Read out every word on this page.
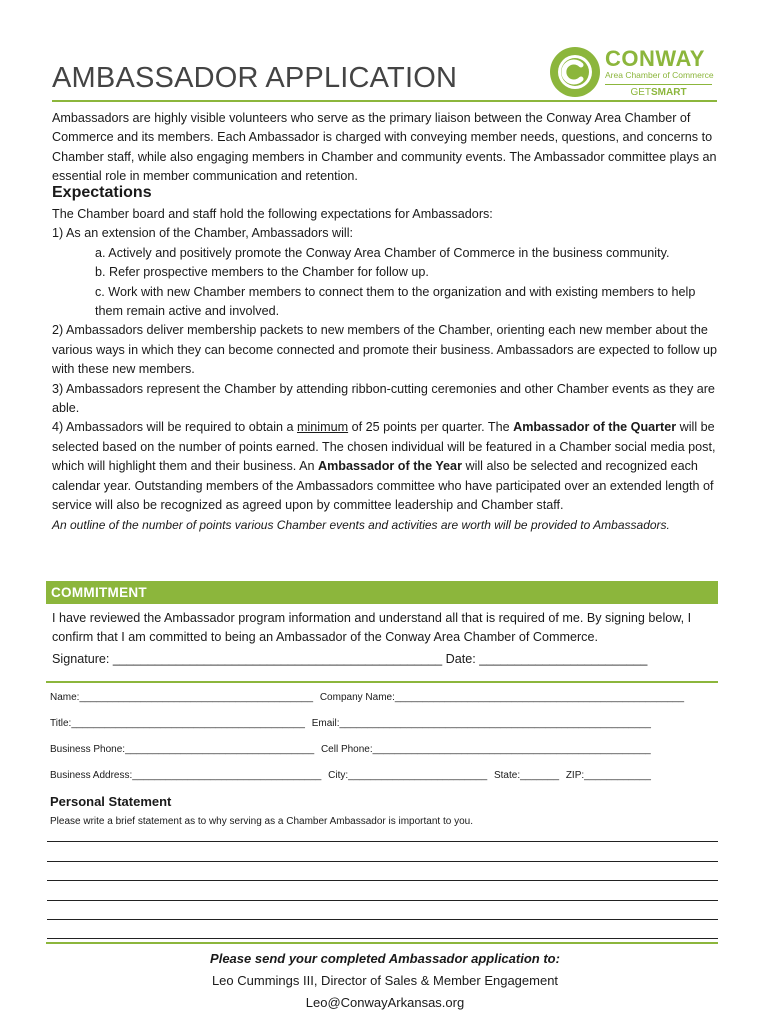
AMBASSADOR APPLICATION
CONWAY
Area Chamber of Commerce
GETSMART
Ambassadors are highly visible volunteers who serve as the primary liaison between the Conway Area Chamber of Commerce and its members. Each Ambassador is charged with conveying member needs, questions, and concerns to Chamber staff, while also engaging members in Chamber and community events. The Ambassador committee plays an essential role in member communication and retention.
Expectations

The Chamber board and staff hold the following expectations for Ambassadors:

1) As an extension of the Chamber, Ambassadors will:

a. Actively and positively promote the Conway Area Chamber of Commerce in the business community.

b. Refer prospective members to the Chamber for follow up.

c. Work with new Chamber members to connect them to the organization and with existing members to help them remain active and involved.

2) Ambassadors deliver membership packets to new members of the Chamber, orienting each new member about the various ways in which they can become connected and promote their business. Ambassadors are expected to follow up with these new members.

3) Ambassadors represent the Chamber by attending ribbon-cutting ceremonies and other Chamber events as they are able.

4) Ambassadors will be required to obtain a minimum of 25 points per quarter. The Ambassador of the Quarter will be selected based on the number of points earned. The chosen individual will be featured in a Chamber social media post, which will highlight them and their business. An Ambassador of the Year will also be selected and recognized each calendar year. Outstanding members of the Ambassadors committee who have participated over an extended length of service will also be recognized as agreed upon by committee leadership and Chamber staff.

An outline of the number of points various Chamber events and activities are worth will be provided to Ambassadors.

COMMITMENT
I have reviewed the Ambassador program information and understand all that is required of me. By signing below, I confirm that I am committed to being an Ambassador of the Conway Area Chamber of Commerce.
Signature: _______________________________________________ Date: ________________________
Name:__________________________________________ Company Name:____________________________________________________
Title:__________________________________________ Email:________________________________________________________
Business Phone:__________________________________ Cell Phone:__________________________________________________
Business Address:__________________________________ City:_________________________ State:_______ ZIP:____________
Personal Statement
Please write a brief statement as to why serving as a Chamber Ambassador is important to you.
Please send your completed Ambassador application to:
Leo Cummings III, Director of Sales & Member Engagement
Leo@ConwayArkansas.org
